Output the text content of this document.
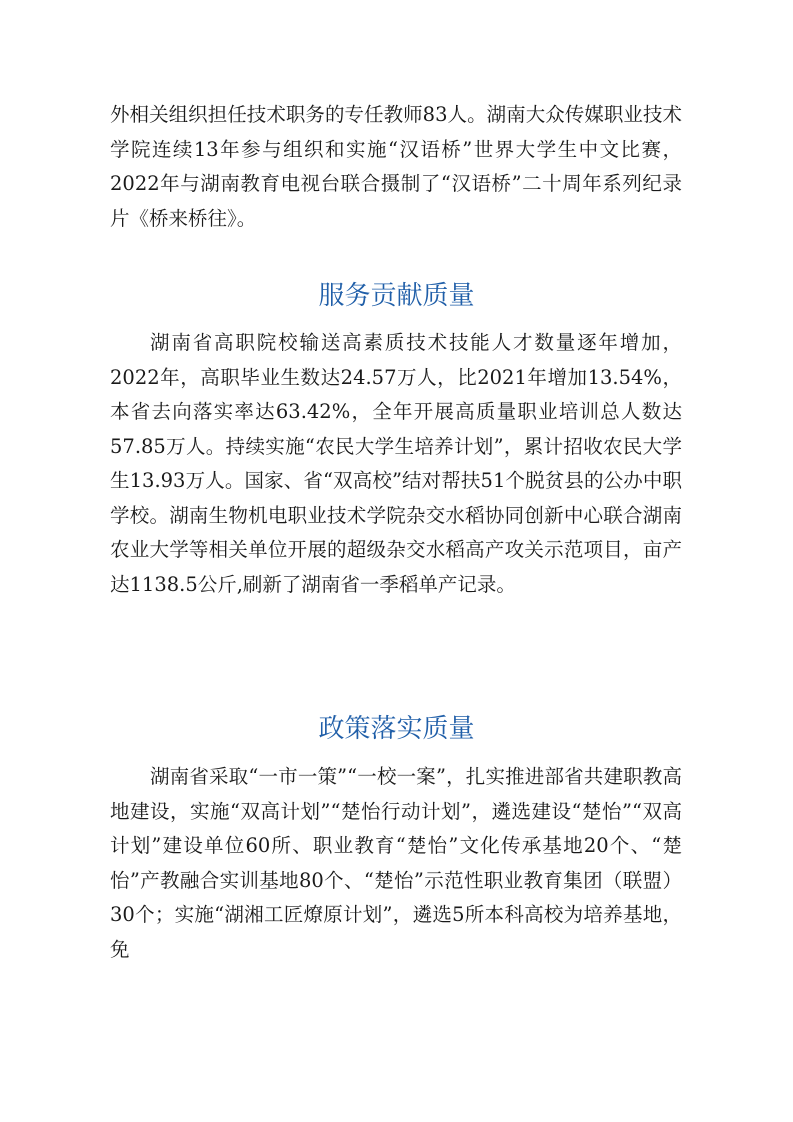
外相关组织担任技术职务的专任教师83人。湖南大众传媒职业技术学院连续13年参与组织和实施“汉语桥”世界大学生中文比赛，2022年与湖南教育电视台联合摄制了“汉语桥”二十周年系列纪录片《桥来桥往》。

服务贡献质量

湖南省高职院校输送高素质技术技能人才数量逐年增加，2022年，高职毕业生数达24.57万人，比2021年增加13.54%，本省去向落实率达63.42%，全年开展高质量职业培训总人数达57.85万人。持续实施“农民大学生培养计划”，累计招收农民大学生13.93万人。国家、省“双高校”结对帮扶51个脱贫县的公办中职学校。湖南生物机电职业技术学院杂交水稻协同创新中心联合湖南农业大学等相关单位开展的超级杂交水稻高产攻关示范项目，亩产达1138.5公斤,刷新了湖南省一季稻单产记录。

政策落实质量

湖南省采取“一市一策”“一校一案”，扎实推进部省共建职教高地建设，实施“双高计划”“楚怡行动计划”，遴选建设“楚怡”“双高计划”建设单位60所、职业教育“楚怡”文化传承基地20个、“楚怡”产教融合实训基地80个、“楚怡”示范性职业教育集团（联盟）30个；实施“湖湘工匠燎原计划”，遴选5所本科高校为培养基地，免
